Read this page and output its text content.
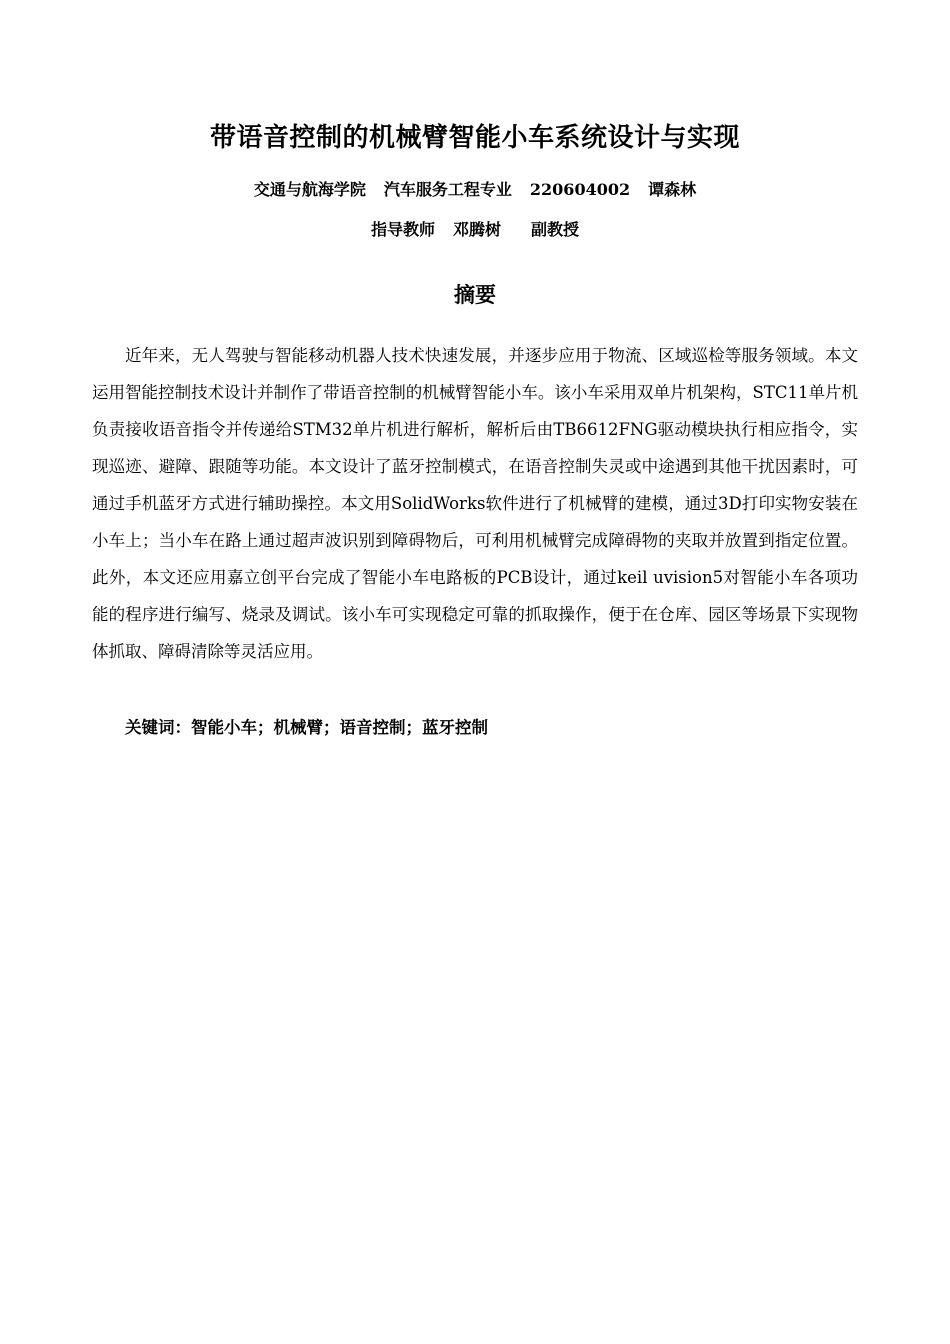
带语音控制的机械臂智能小车系统设计与实现
交通与航海学院 汽车服务工程专业 220604002 谭森林
指导教师 邓腾树 副教授
摘要

近年来，无人驾驶与智能移动机器人技术快速发展，并逐步应用于物流、区域巡检等服务领域。本文运用智能控制技术设计并制作了带语音控制的机械臂智能小车。该小车采用双单片机架构，STC11单片机负责接收语音指令并传递给STM32单片机进行解析，解析后由TB6612FNG驱动模块执行相应指令，实现巡迹、避障、跟随等功能。本文设计了蓝牙控制模式，在语音控制失灵或中途遇到其他干扰因素时，可通过手机蓝牙方式进行辅助操控。本文用SolidWorks软件进行了机械臂的建模，通过3D打印实物安装在小车上；当小车在路上通过超声波识别到障碍物后，可利用机械臂完成障碍物的夹取并放置到指定位置。此外，本文还应用嘉立创平台完成了智能小车电路板的PCB设计，通过keil uvision5对智能小车各项功能的程序进行编写、烧录及调试。该小车可实现稳定可靠的抓取操作，便于在仓库、园区等场景下实现物体抓取、障碍清除等灵活应用。

关键词：智能小车；机械臂；语音控制；蓝牙控制
